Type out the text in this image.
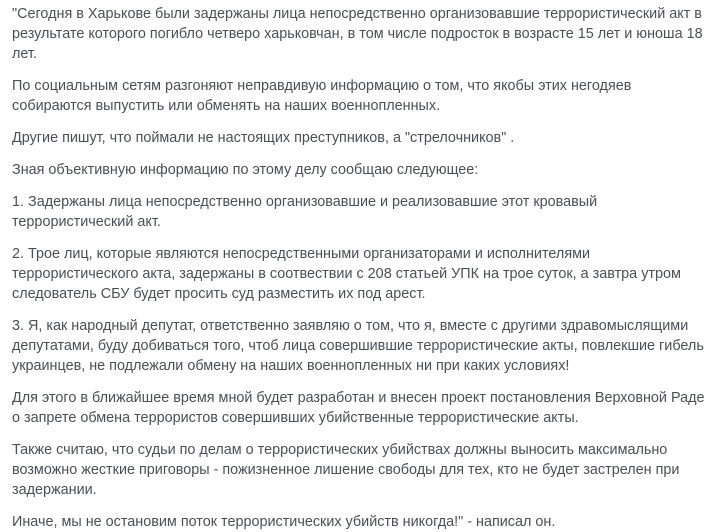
"Сегодня в Харькове были задержаны лица непосредственно организовавшие террористический акт в результате которого погибло четверо харьковчан, в том числе подросток в возрасте 15 лет и юноша 18 лет.

По социальным сетям разгоняют неправдивую информацию о том, что якобы этих негодяев собираются выпустить или обменять на наших военнопленных.

Другие пишут, что поймали не настоящих преступников, а "стрелочников" .

Зная объективную информацию по этому делу сообщаю следующее:

1. Задержаны лица непосредственно организовавшие и реализовавшие этот кровавый террористический акт.

2. Трое лиц, которые являются непосредственными организаторами и исполнителями террористического акта, задержаны в соотвествии с 208 статьей УПК на трое суток, а завтра утром следователь СБУ будет просить суд разместить их под арест.

3. Я, как народный депутат, ответственно заявляю о том, что я, вместе с другими здравомыслящими депутатами, буду добиваться того, чтоб лица совершившие террористические акты, повлекшие гибель украинцев, не подлежали обмену на наших военнопленных ни при каких условиях!

Для этого в ближайшее время мной будет разработан и внесен проект постановления Верховной Раде о запрете обмена террористов совершивших убийственные террористические акты.

Также считаю, что судьи по делам о террористических убийствах должны выносить максимально возможно жесткие приговоры - пожизненное лишение свободы для тех, кто не будет застрелен при задержании.

Иначе, мы не остановим поток террористических убийств никогда!" - написал он.
